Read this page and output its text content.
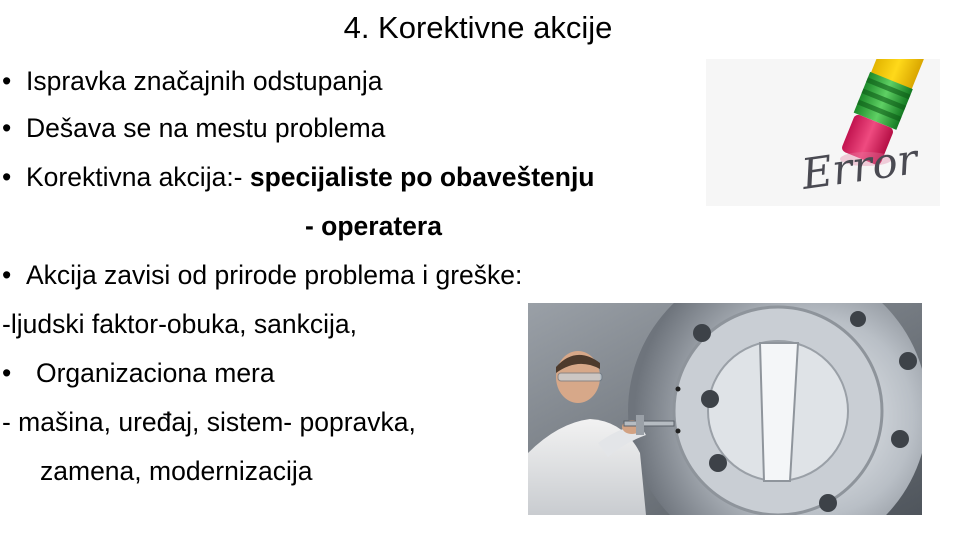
4. Korektivne akcije
• Ispravka značajnih odstupanja
• Dešava se na mestu problema
• Korektivna akcija:- specijaliste po obaveštenju
- operatera
• Akcija zavisi od prirode problema i greške:
-ljudski faktor-obuka, sankcija,
• Organizaciona mera
- mašina, uređaj, sistem- popravka,
zamena, modernizacija
Error
